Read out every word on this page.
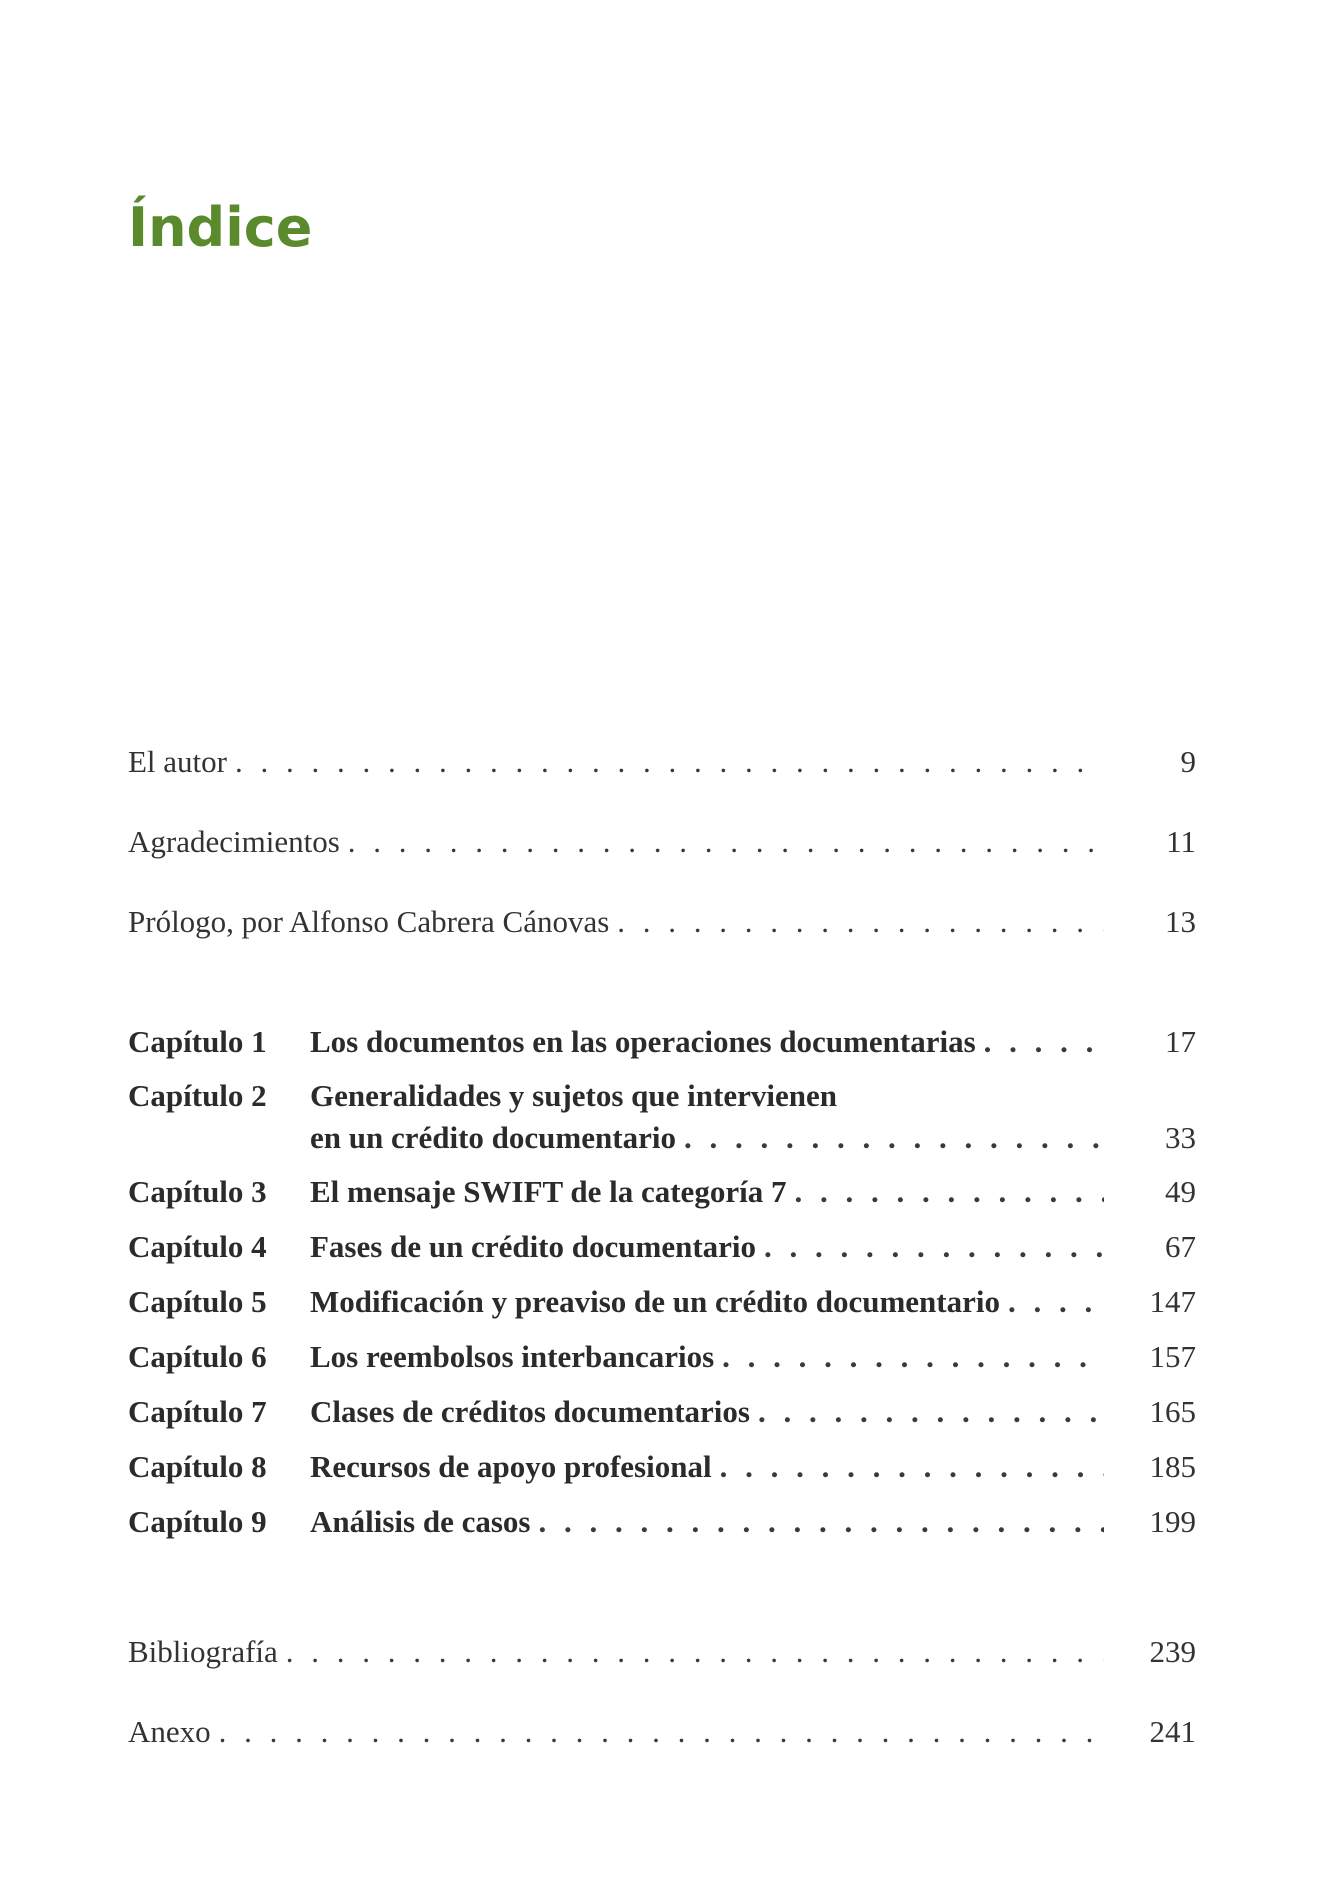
Índice
El autor . . .	9
Agradecimientos . . .	11
Prólogo, por Alfonso Cabrera Cánovas . . .	13
Capítulo 1	Los documentos en las operaciones documentarias . . .	17
Capítulo 2	Generalidades y sujetos que intervienen
en un crédito documentario . . .	33
Capítulo 3	El mensaje SWIFT de la categoría 7 . . .	49
Capítulo 4	Fases de un crédito documentario . . .	67
Capítulo 5	Modificación y preaviso de un crédito documentario . . .	147
Capítulo 6	Los reembolsos interbancarios . . .	157
Capítulo 7	Clases de créditos documentarios . . .	165
Capítulo 8	Recursos de apoyo profesional . . .	185
Capítulo 9	Análisis de casos . . .	199
Bibliografía . . .	239
Anexo . . .	241
